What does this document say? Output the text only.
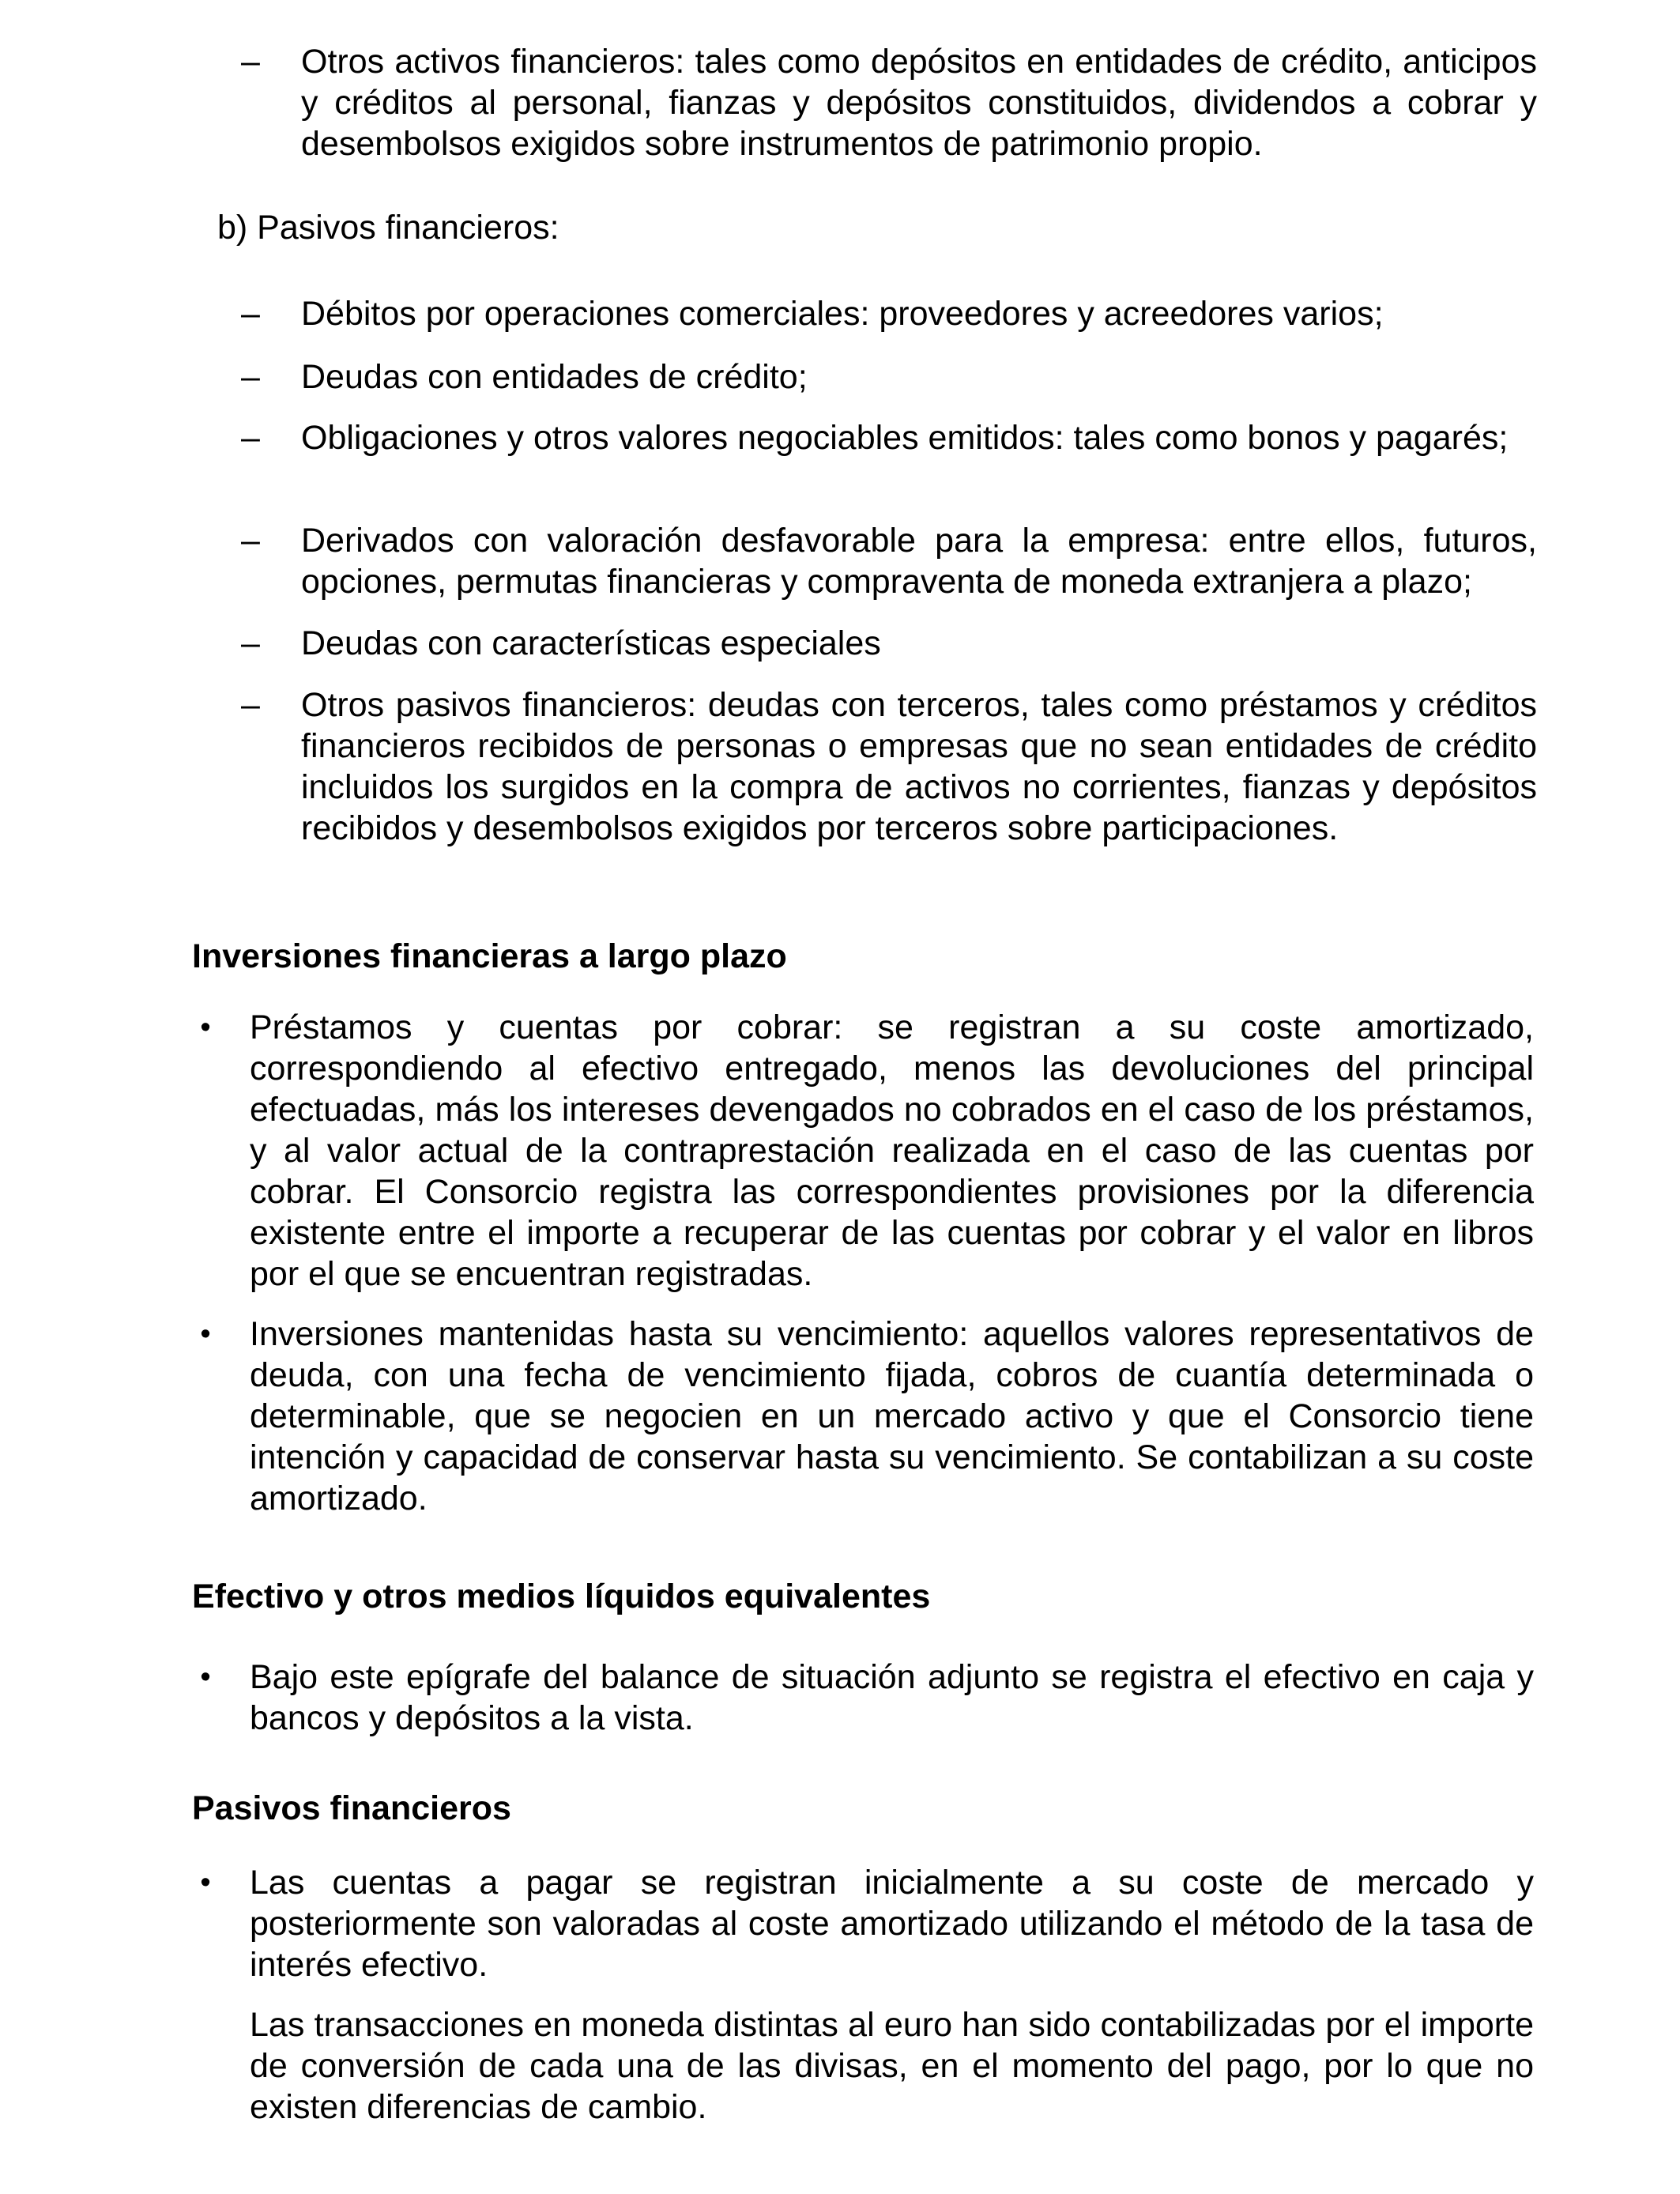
–	Otros activos financieros: tales como depósitos en entidades de crédito, anticipos y créditos al personal, fianzas y depósitos constituidos, dividendos a cobrar y desembolsos exigidos sobre instrumentos de patrimonio propio.
b) Pasivos financieros:
–	Débitos por operaciones comerciales: proveedores y acreedores varios;
–	Deudas con entidades de crédito;
–	Obligaciones y otros valores negociables emitidos: tales como bonos y pagarés;
–	Derivados con valoración desfavorable para la empresa: entre ellos, futuros, opciones, permutas financieras y compraventa de moneda extranjera a plazo;
–	Deudas con características especiales
–	Otros pasivos financieros: deudas con terceros, tales como préstamos y créditos financieros recibidos de personas o empresas que no sean entidades de crédito incluidos los surgidos en la compra de activos no corrientes, fianzas y depósitos recibidos y desembolsos exigidos por terceros sobre participaciones.
Inversiones financieras a largo plazo
•	Préstamos y cuentas por cobrar: se registran a su coste amortizado, correspondiendo al efectivo entregado, menos las devoluciones del principal efectuadas, más los intereses devengados no cobrados en el caso de los préstamos, y al valor actual de la contraprestación realizada en el caso de las cuentas por cobrar. El Consorcio registra las correspondientes provisiones por la diferencia existente entre el importe a recuperar de las cuentas por cobrar y el valor en libros por el que se encuentran registradas.
•	Inversiones mantenidas hasta su vencimiento: aquellos valores representativos de deuda, con una fecha de vencimiento fijada, cobros de cuantía determinada o determinable, que se negocien en un mercado activo y que el Consorcio tiene intención y capacidad de conservar hasta su vencimiento. Se contabilizan a su coste amortizado.
Efectivo y otros medios líquidos equivalentes
•	Bajo este epígrafe del balance de situación adjunto se registra el efectivo en caja y bancos y depósitos a la vista.
Pasivos financieros
•	Las cuentas a pagar se registran inicialmente a su coste de mercado y posteriormente son valoradas al coste amortizado utilizando el método de la tasa de interés efectivo.
Las transacciones en moneda distintas al euro han sido contabilizadas por el importe de conversión de cada una de las divisas, en el momento del pago, por lo que no existen diferencias de cambio.
